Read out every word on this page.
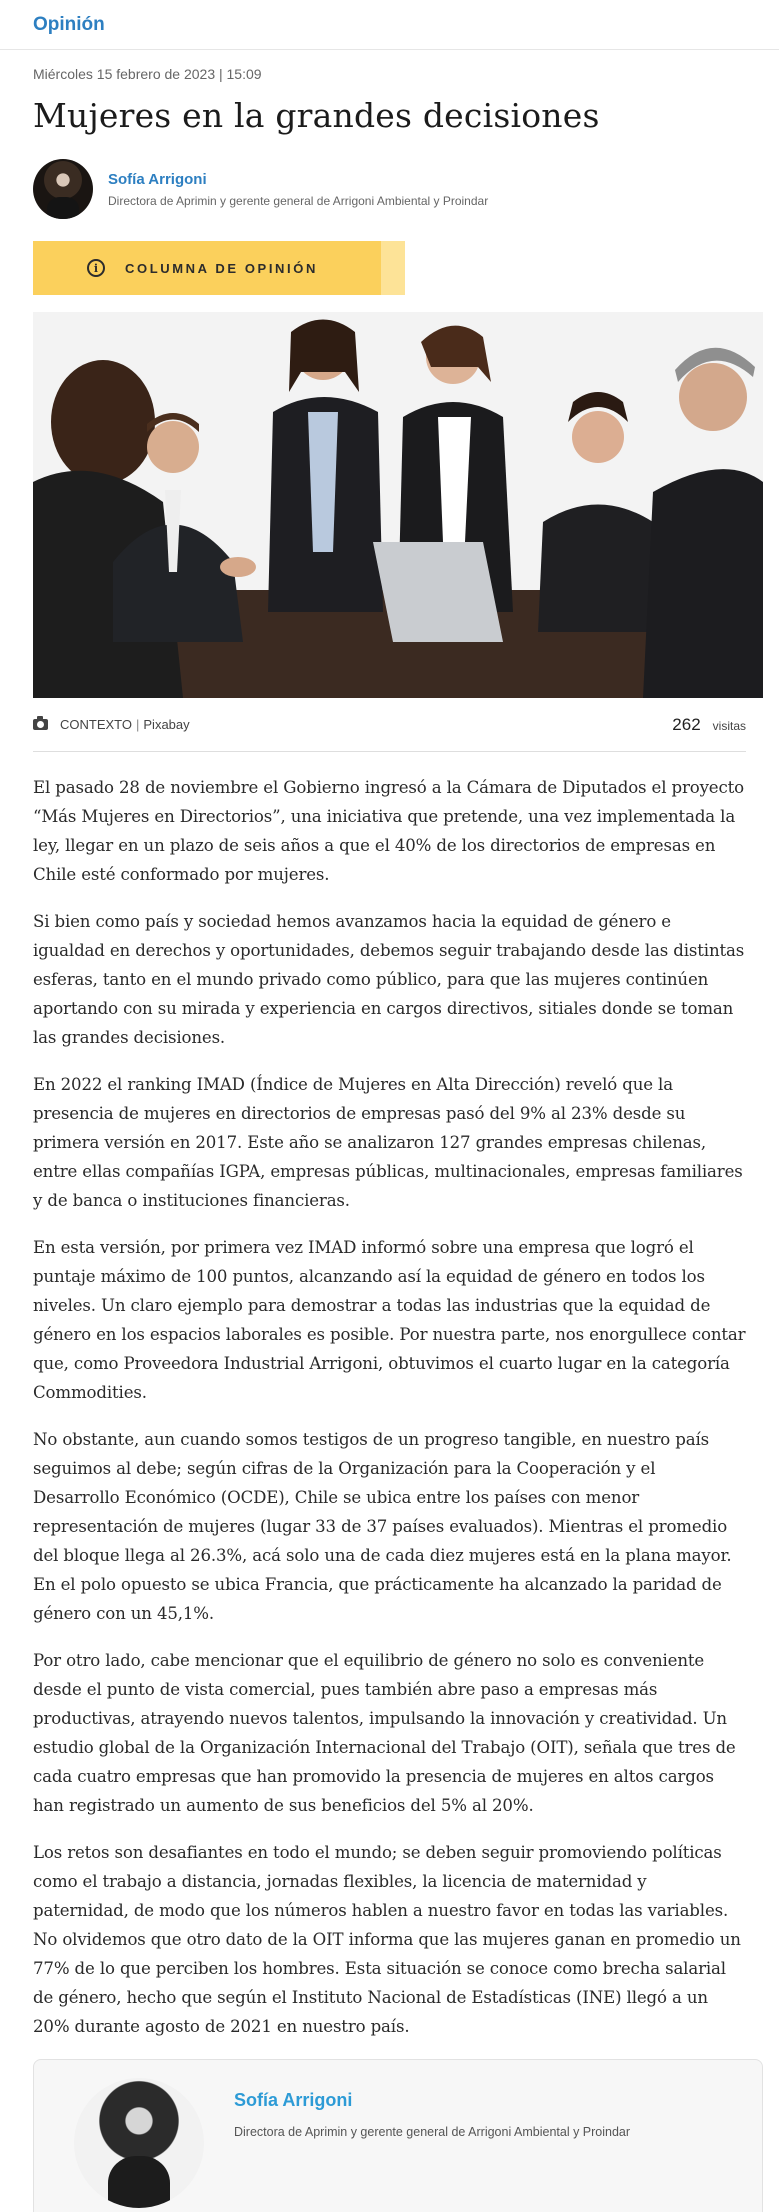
Opinión
Miércoles 15 febrero de 2023 | 15:09
Mujeres en la grandes decisiones
Sofía Arrigoni
Directora de Aprimin y gerente general de Arrigoni Ambiental y Proindar
i	COLUMNA DE OPINIÓN
CONTEXTO | Pixabay	262 visitas

El pasado 28 de noviembre el Gobierno ingresó a la Cámara de Diputados el proyecto “Más Mujeres en Directorios”, una iniciativa que pretende, una vez implementada la ley, llegar en un plazo de seis años a que el 40% de los directorios de empresas en Chile esté conformado por mujeres.

Si bien como país y sociedad hemos avanzamos hacia la equidad de género e igualdad en derechos y oportunidades, debemos seguir trabajando desde las distintas esferas, tanto en el mundo privado como público, para que las mujeres continúen aportando con su mirada y experiencia en cargos directivos, sitiales donde se toman las grandes decisiones.

En 2022 el ranking IMAD (Índice de Mujeres en Alta Dirección) reveló que la presencia de mujeres en directorios de empresas pasó del 9% al 23% desde su primera versión en 2017. Este año se analizaron 127 grandes empresas chilenas, entre ellas compañías IGPA, empresas públicas, multinacionales, empresas familiares y de banca o instituciones financieras.

En esta versión, por primera vez IMAD informó sobre una empresa que logró el puntaje máximo de 100 puntos, alcanzando así la equidad de género en todos los niveles. Un claro ejemplo para demostrar a todas las industrias que la equidad de género en los espacios laborales es posible. Por nuestra parte, nos enorgullece contar que, como Proveedora Industrial Arrigoni, obtuvimos el cuarto lugar en la categoría Commodities.

No obstante, aun cuando somos testigos de un progreso tangible, en nuestro país seguimos al debe; según cifras de la Organización para la Cooperación y el Desarrollo Económico (OCDE), Chile se ubica entre los países con menor representación de mujeres (lugar 33 de 37 países evaluados). Mientras el promedio del bloque llega al 26.3%, acá solo una de cada diez mujeres está en la plana mayor. En el polo opuesto se ubica Francia, que prácticamente ha alcanzado la paridad de género con un 45,1%.

Por otro lado, cabe mencionar que el equilibrio de género no solo es conveniente desde el punto de vista comercial, pues también abre paso a empresas más productivas, atrayendo nuevos talentos, impulsando la innovación y creatividad. Un estudio global de la Organización Internacional del Trabajo (OIT), señala que tres de cada cuatro empresas que han promovido la presencia de mujeres en altos cargos han registrado un aumento de sus beneficios del 5% al 20%.

Los retos son desafiantes en todo el mundo; se deben seguir promoviendo políticas como el trabajo a distancia, jornadas flexibles, la licencia de maternidad y paternidad, de modo que los números hablen a nuestro favor en todas las variables. No olvidemos que otro dato de la OIT informa que las mujeres ganan en promedio un 77% de lo que perciben los hombres. Esta situación se conoce como brecha salarial de género, hecho que según el Instituto Nacional de Estadísticas (INE) llegó a un 20% durante agosto de 2021 en nuestro país.

Sofía Arrigoni
Directora de Aprimin y gerente general de Arrigoni Ambiental y Proindar
